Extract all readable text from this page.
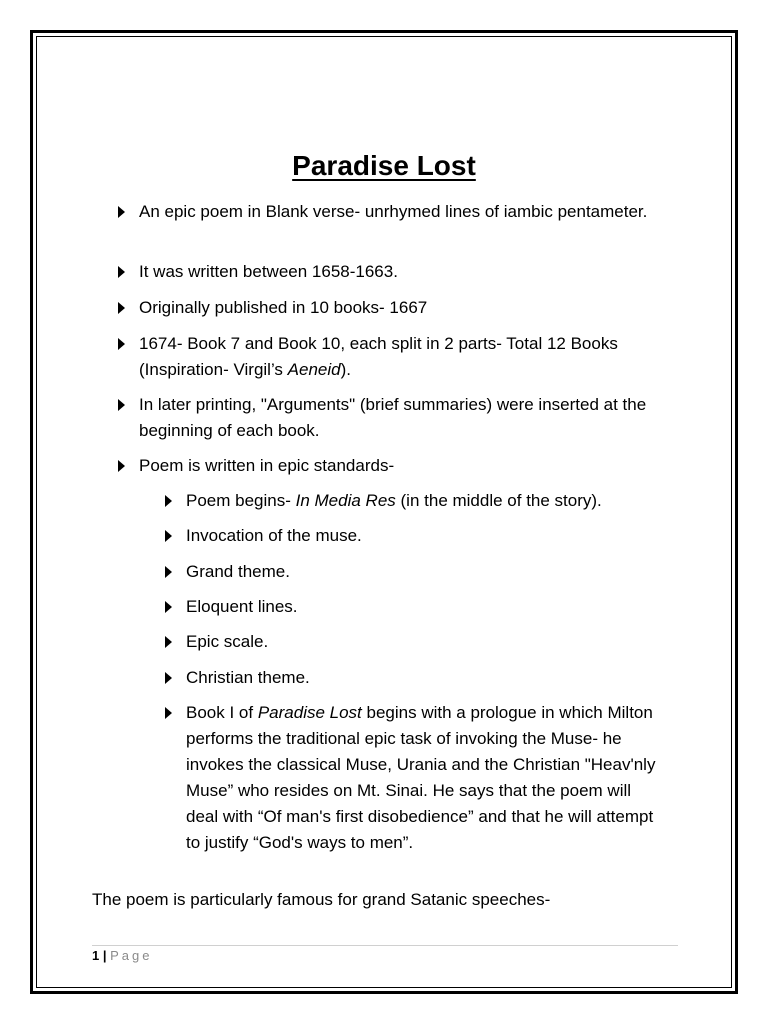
Paradise Lost
An epic poem in Blank verse- unrhymed lines of iambic pentameter.
It was written between 1658-1663.
Originally published in 10 books- 1667
1674- Book 7 and Book 10, each split in 2 parts- Total 12 Books (Inspiration- Virgil’s Aeneid).
In later printing, "Arguments" (brief summaries) were inserted at the beginning of each book.
Poem is written in epic standards-
Poem begins- In Media Res (in the middle of the story).
Invocation of the muse.
Grand theme.
Eloquent lines.
Epic scale.
Christian theme.
Book I of Paradise Lost begins with a prologue in which Milton performs the traditional epic task of invoking the Muse- he invokes the classical Muse, Urania and the Christian "Heav'nly Muse” who resides on Mt. Sinai. He says that the poem will deal with “Of man's first disobedience” and that he will attempt to justify “God's ways to men”.
The poem is particularly famous for grand Satanic speeches-
1 | Page
